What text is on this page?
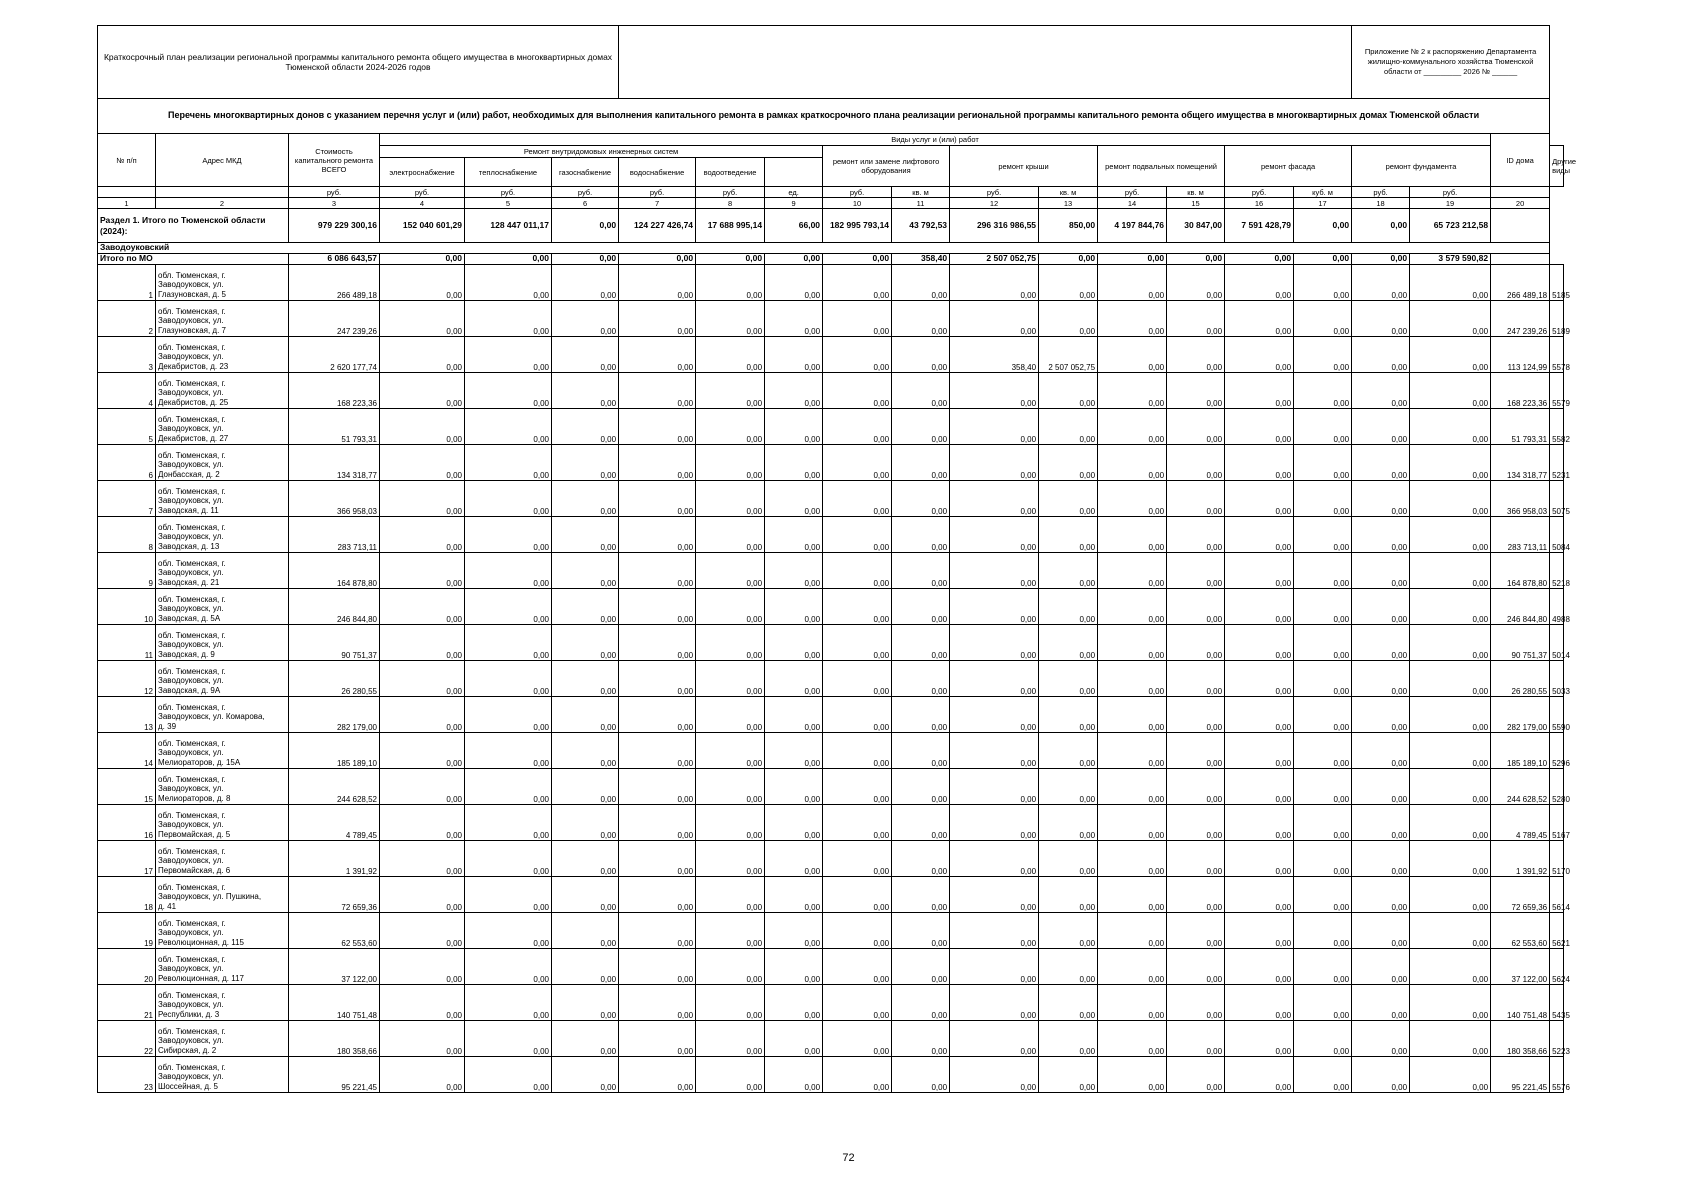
Краткосрочный план реализации региональной программы капитального ремонта общего имущества в многоквартирных домах Тюменской области 2024-2026 годов																	Приложение № 2 к распоряжению Департамента жилищно-коммунального хозяйства Тюменской области от _________ 2026 № ______			
Перечень многоквартирных донов с указанием перечня услуг и (или) работ, необходимых для выполнения капитального ремонта в рамках краткосрочного плана реализации региональной программы капитального ремонта общего имущества в многоквартирных домах Тюменской области																				
№ п/п	Адрес МКД	Стоимость капитального ремонта ВСЕГО	Виды услуг и (или) работ																ID дома	
			Ремонт внутридомовых инженерных систем						ремонт или замене лифтового оборудования		ремонт крыши		ремонт подвальных помещений		ремонт фасада		ремонт фундамента			Другие виды
			электроснабжение	теплоснабжение	газоснабжение	водоснабжение	водоотведение													
		руб.	руб.	руб.	руб.	руб.	руб.	ед.	руб.	кв. м	руб.	кв. м	руб.	кв. м	руб.	куб. м	руб.	руб.		
1	2	3	4	5	6	7	8	9	10	11	12	13	14	15	16	17	18	19	20	
Раздел 1. Итого по Тюменской области (2024):		979 229 300,16	152 040 601,29	128 447 011,17	0,00	124 227 426,74	17 688 995,14	66,00	182 995 793,14	43 792,53	296 316 986,55	850,00	4 197 844,76	30 847,00	7 591 428,79	0,00	0,00	65 723 212,58		
Заводоуковский																				
Итого по МО		6 086 643,57	0,00	0,00	0,00	0,00	0,00	0,00	0,00	358,40	2 507 052,75	0,00	0,00	0,00	0,00	0,00	0,00	3 579 590,82		
1	обл. Тюменская, г.
Заводоуковск, ул.
Глазуновская, д. 5	266 489,18	0,00	0,00	0,00	0,00	0,00	0,00	0,00	0,00	0,00	0,00	0,00	0,00	0,00	0,00	0,00	0,00	266 489,18	5185
2	обл. Тюменская, г.
Заводоуковск, ул.
Глазуновская, д. 7	247 239,26	0,00	0,00	0,00	0,00	0,00	0,00	0,00	0,00	0,00	0,00	0,00	0,00	0,00	0,00	0,00	0,00	247 239,26	5189
3	обл. Тюменская, г.
Заводоуковск, ул.
Декабристов, д. 23	2 620 177,74	0,00	0,00	0,00	0,00	0,00	0,00	0,00	0,00	358,40	2 507 052,75	0,00	0,00	0,00	0,00	0,00	0,00	113 124,99	5578
4	обл. Тюменская, г.
Заводоуковск, ул.
Декабристов, д. 25	168 223,36	0,00	0,00	0,00	0,00	0,00	0,00	0,00	0,00	0,00	0,00	0,00	0,00	0,00	0,00	0,00	0,00	168 223,36	5579
5	обл. Тюменская, г.
Заводоуковск, ул.
Декабристов, д. 27	51 793,31	0,00	0,00	0,00	0,00	0,00	0,00	0,00	0,00	0,00	0,00	0,00	0,00	0,00	0,00	0,00	0,00	51 793,31	5582
6	обл. Тюменская, г.
Заводоуковск, ул.
Донбасская, д. 2	134 318,77	0,00	0,00	0,00	0,00	0,00	0,00	0,00	0,00	0,00	0,00	0,00	0,00	0,00	0,00	0,00	0,00	134 318,77	5231
7	обл. Тюменская, г.
Заводоуковск, ул.
Заводская, д. 11	366 958,03	0,00	0,00	0,00	0,00	0,00	0,00	0,00	0,00	0,00	0,00	0,00	0,00	0,00	0,00	0,00	0,00	366 958,03	5075
8	обл. Тюменская, г.
Заводоуковск, ул.
Заводская, д. 13	283 713,11	0,00	0,00	0,00	0,00	0,00	0,00	0,00	0,00	0,00	0,00	0,00	0,00	0,00	0,00	0,00	0,00	283 713,11	5084
9	обл. Тюменская, г.
Заводоуковск, ул.
Заводская, д. 21	164 878,80	0,00	0,00	0,00	0,00	0,00	0,00	0,00	0,00	0,00	0,00	0,00	0,00	0,00	0,00	0,00	0,00	164 878,80	5218
10	обл. Тюменская, г.
Заводоуковск, ул.
Заводская, д. 5А	246 844,80	0,00	0,00	0,00	0,00	0,00	0,00	0,00	0,00	0,00	0,00	0,00	0,00	0,00	0,00	0,00	0,00	246 844,80	4988
11	обл. Тюменская, г.
Заводоуковск, ул.
Заводская, д. 9	90 751,37	0,00	0,00	0,00	0,00	0,00	0,00	0,00	0,00	0,00	0,00	0,00	0,00	0,00	0,00	0,00	0,00	90 751,37	5014
12	обл. Тюменская, г.
Заводоуковск, ул.
Заводская, д. 9А	26 280,55	0,00	0,00	0,00	0,00	0,00	0,00	0,00	0,00	0,00	0,00	0,00	0,00	0,00	0,00	0,00	0,00	26 280,55	5033
13	обл. Тюменская, г.
Заводоуковск, ул. Комарова,
д. 39	282 179,00	0,00	0,00	0,00	0,00	0,00	0,00	0,00	0,00	0,00	0,00	0,00	0,00	0,00	0,00	0,00	0,00	282 179,00	5590
14	обл. Тюменская, г.
Заводоуковск, ул.
Мелиораторов, д. 15А	185 189,10	0,00	0,00	0,00	0,00	0,00	0,00	0,00	0,00	0,00	0,00	0,00	0,00	0,00	0,00	0,00	0,00	185 189,10	5296
15	обл. Тюменская, г.
Заводоуковск, ул.
Мелиораторов, д. 8	244 628,52	0,00	0,00	0,00	0,00	0,00	0,00	0,00	0,00	0,00	0,00	0,00	0,00	0,00	0,00	0,00	0,00	244 628,52	5280
16	обл. Тюменская, г.
Заводоуковск, ул.
Первомайская, д. 5	4 789,45	0,00	0,00	0,00	0,00	0,00	0,00	0,00	0,00	0,00	0,00	0,00	0,00	0,00	0,00	0,00	0,00	4 789,45	5167
17	обл. Тюменская, г.
Заводоуковск, ул.
Первомайская, д. 6	1 391,92	0,00	0,00	0,00	0,00	0,00	0,00	0,00	0,00	0,00	0,00	0,00	0,00	0,00	0,00	0,00	0,00	1 391,92	5170
18	обл. Тюменская, г.
Заводоуковск, ул. Пушкина,
д. 41	72 659,36	0,00	0,00	0,00	0,00	0,00	0,00	0,00	0,00	0,00	0,00	0,00	0,00	0,00	0,00	0,00	0,00	72 659,36	5614
19	обл. Тюменская, г.
Заводоуковск, ул.
Революционная, д. 115	62 553,60	0,00	0,00	0,00	0,00	0,00	0,00	0,00	0,00	0,00	0,00	0,00	0,00	0,00	0,00	0,00	0,00	62 553,60	5621
20	обл. Тюменская, г.
Заводоуковск, ул.
Революционная, д. 117	37 122,00	0,00	0,00	0,00	0,00	0,00	0,00	0,00	0,00	0,00	0,00	0,00	0,00	0,00	0,00	0,00	0,00	37 122,00	5624
21	обл. Тюменская, г.
Заводоуковск, ул.
Республики, д. 3	140 751,48	0,00	0,00	0,00	0,00	0,00	0,00	0,00	0,00	0,00	0,00	0,00	0,00	0,00	0,00	0,00	0,00	140 751,48	5435
22	обл. Тюменская, г.
Заводоуковск, ул.
Сибирская, д. 2	180 358,66	0,00	0,00	0,00	0,00	0,00	0,00	0,00	0,00	0,00	0,00	0,00	0,00	0,00	0,00	0,00	0,00	180 358,66	5223
23	обл. Тюменская, г.
Заводоуковск, ул.
Шоссейная, д. 5	95 221,45	0,00	0,00	0,00	0,00	0,00	0,00	0,00	0,00	0,00	0,00	0,00	0,00	0,00	0,00	0,00	0,00	95 221,45	5576
72
